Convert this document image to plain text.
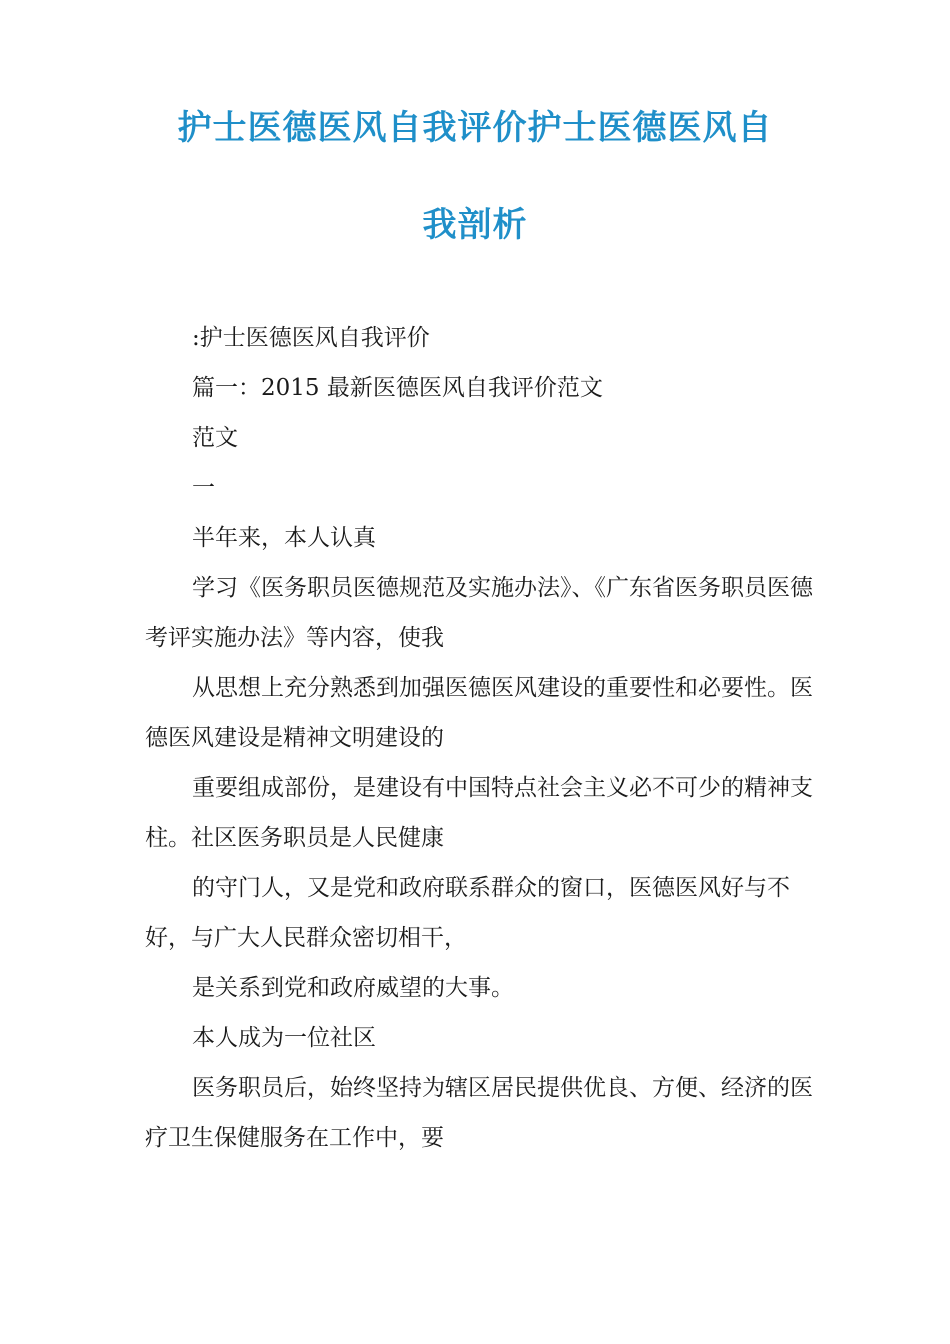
护士医德医风自我评价护士医德医风自
我剖析

:护士医德医风自我评价

篇一：2015 最新医德医风自我评价范文

范文

一

半年来，本人认真

学习《医务职员医德规范及实施办法》、《广东省医务职员医德考评实施办法》等内容，使我

从思想上充分熟悉到加强医德医风建设的重要性和必要性。医德医风建设是精神文明建设的

重要组成部份，是建设有中国特点社会主义必不可少的精神支柱。社区医务职员是人民健康

的守门人，又是党和政府联系群众的窗口，医德医风好与不好，与广大人民群众密切相干，

是关系到党和政府威望的大事。

本人成为一位社区

医务职员后，始终坚持为辖区居民提供优良、方便、经济的医疗卫生保健服务在工作中，要
